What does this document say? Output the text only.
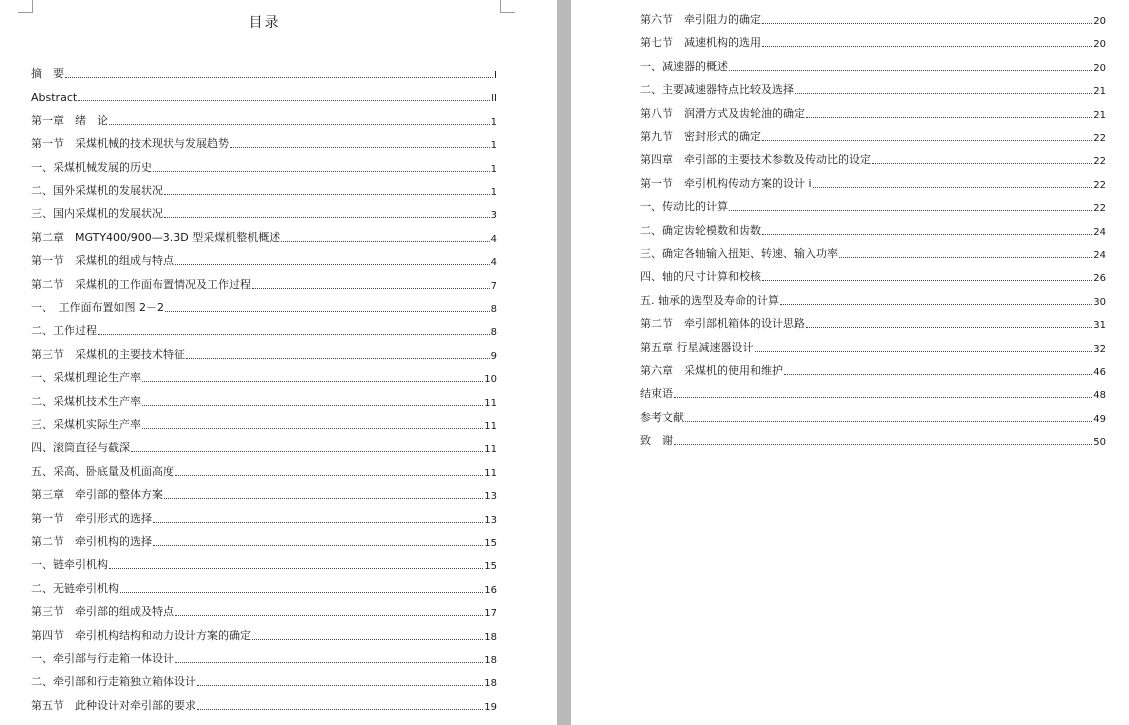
目录
摘　要	I
Abstract	II
第一章　绪　论	1
第一节　采煤机械的技术现状与发展趋势	1
一、采煤机械发展的历史	1
二、国外采煤机的发展状况	1
三、国内采煤机的发展状况	3
第二章　MGTY400/900—3.3D 型采煤机整机概述	4
第一节　采煤机的组成与特点	4
第二节　采煤机的工作面布置情况及工作过程	7
一、　工作面布置如图 2－2	8
二、工作过程	8
第三节　采煤机的主要技术特征	9
一、采煤机理论生产率	10
二、采煤机技术生产率	11
三、采煤机实际生产率	11
四、滚筒直径与截深	11
五、采高、卧底量及机面高度	11
第三章　牵引部的整体方案	13
第一节　牵引形式的选择	13
第二节　牵引机构的选择	15
一、链牵引机构	15
二、无链牵引机构	16
第三节　牵引部的组成及特点	17
第四节　牵引机构结构和动力设计方案的确定	18
一、牵引部与行走箱一体设计	18
二、牵引部和行走箱独立箱体设计	18
第五节　此种设计对牵引部的要求	19
第六节　牵引阻力的确定	20
第七节　减速机构的选用	20
一、减速器的概述	20
二、主要减速器特点比较及选择	21
第八节　润滑方式及齿轮油的确定	21
第九节　密封形式的确定	22
第四章　牵引部的主要技术参数及传动比的设定	22
第一节　牵引机构传动方案的设计 i	22
一、传动比的计算	22
二、确定齿轮模数和齿数	24
三、确定各轴输入扭矩、转速、输入功率	24
四、轴的尺寸计算和校核	26
五. 轴承的选型及寿命的计算	30
第二节　牵引部机箱体的设计思路	31
第五章 行星减速器设计	32
第六章　采煤机的使用和维护	46
结束语	48
参考文献	49
致　谢	50
